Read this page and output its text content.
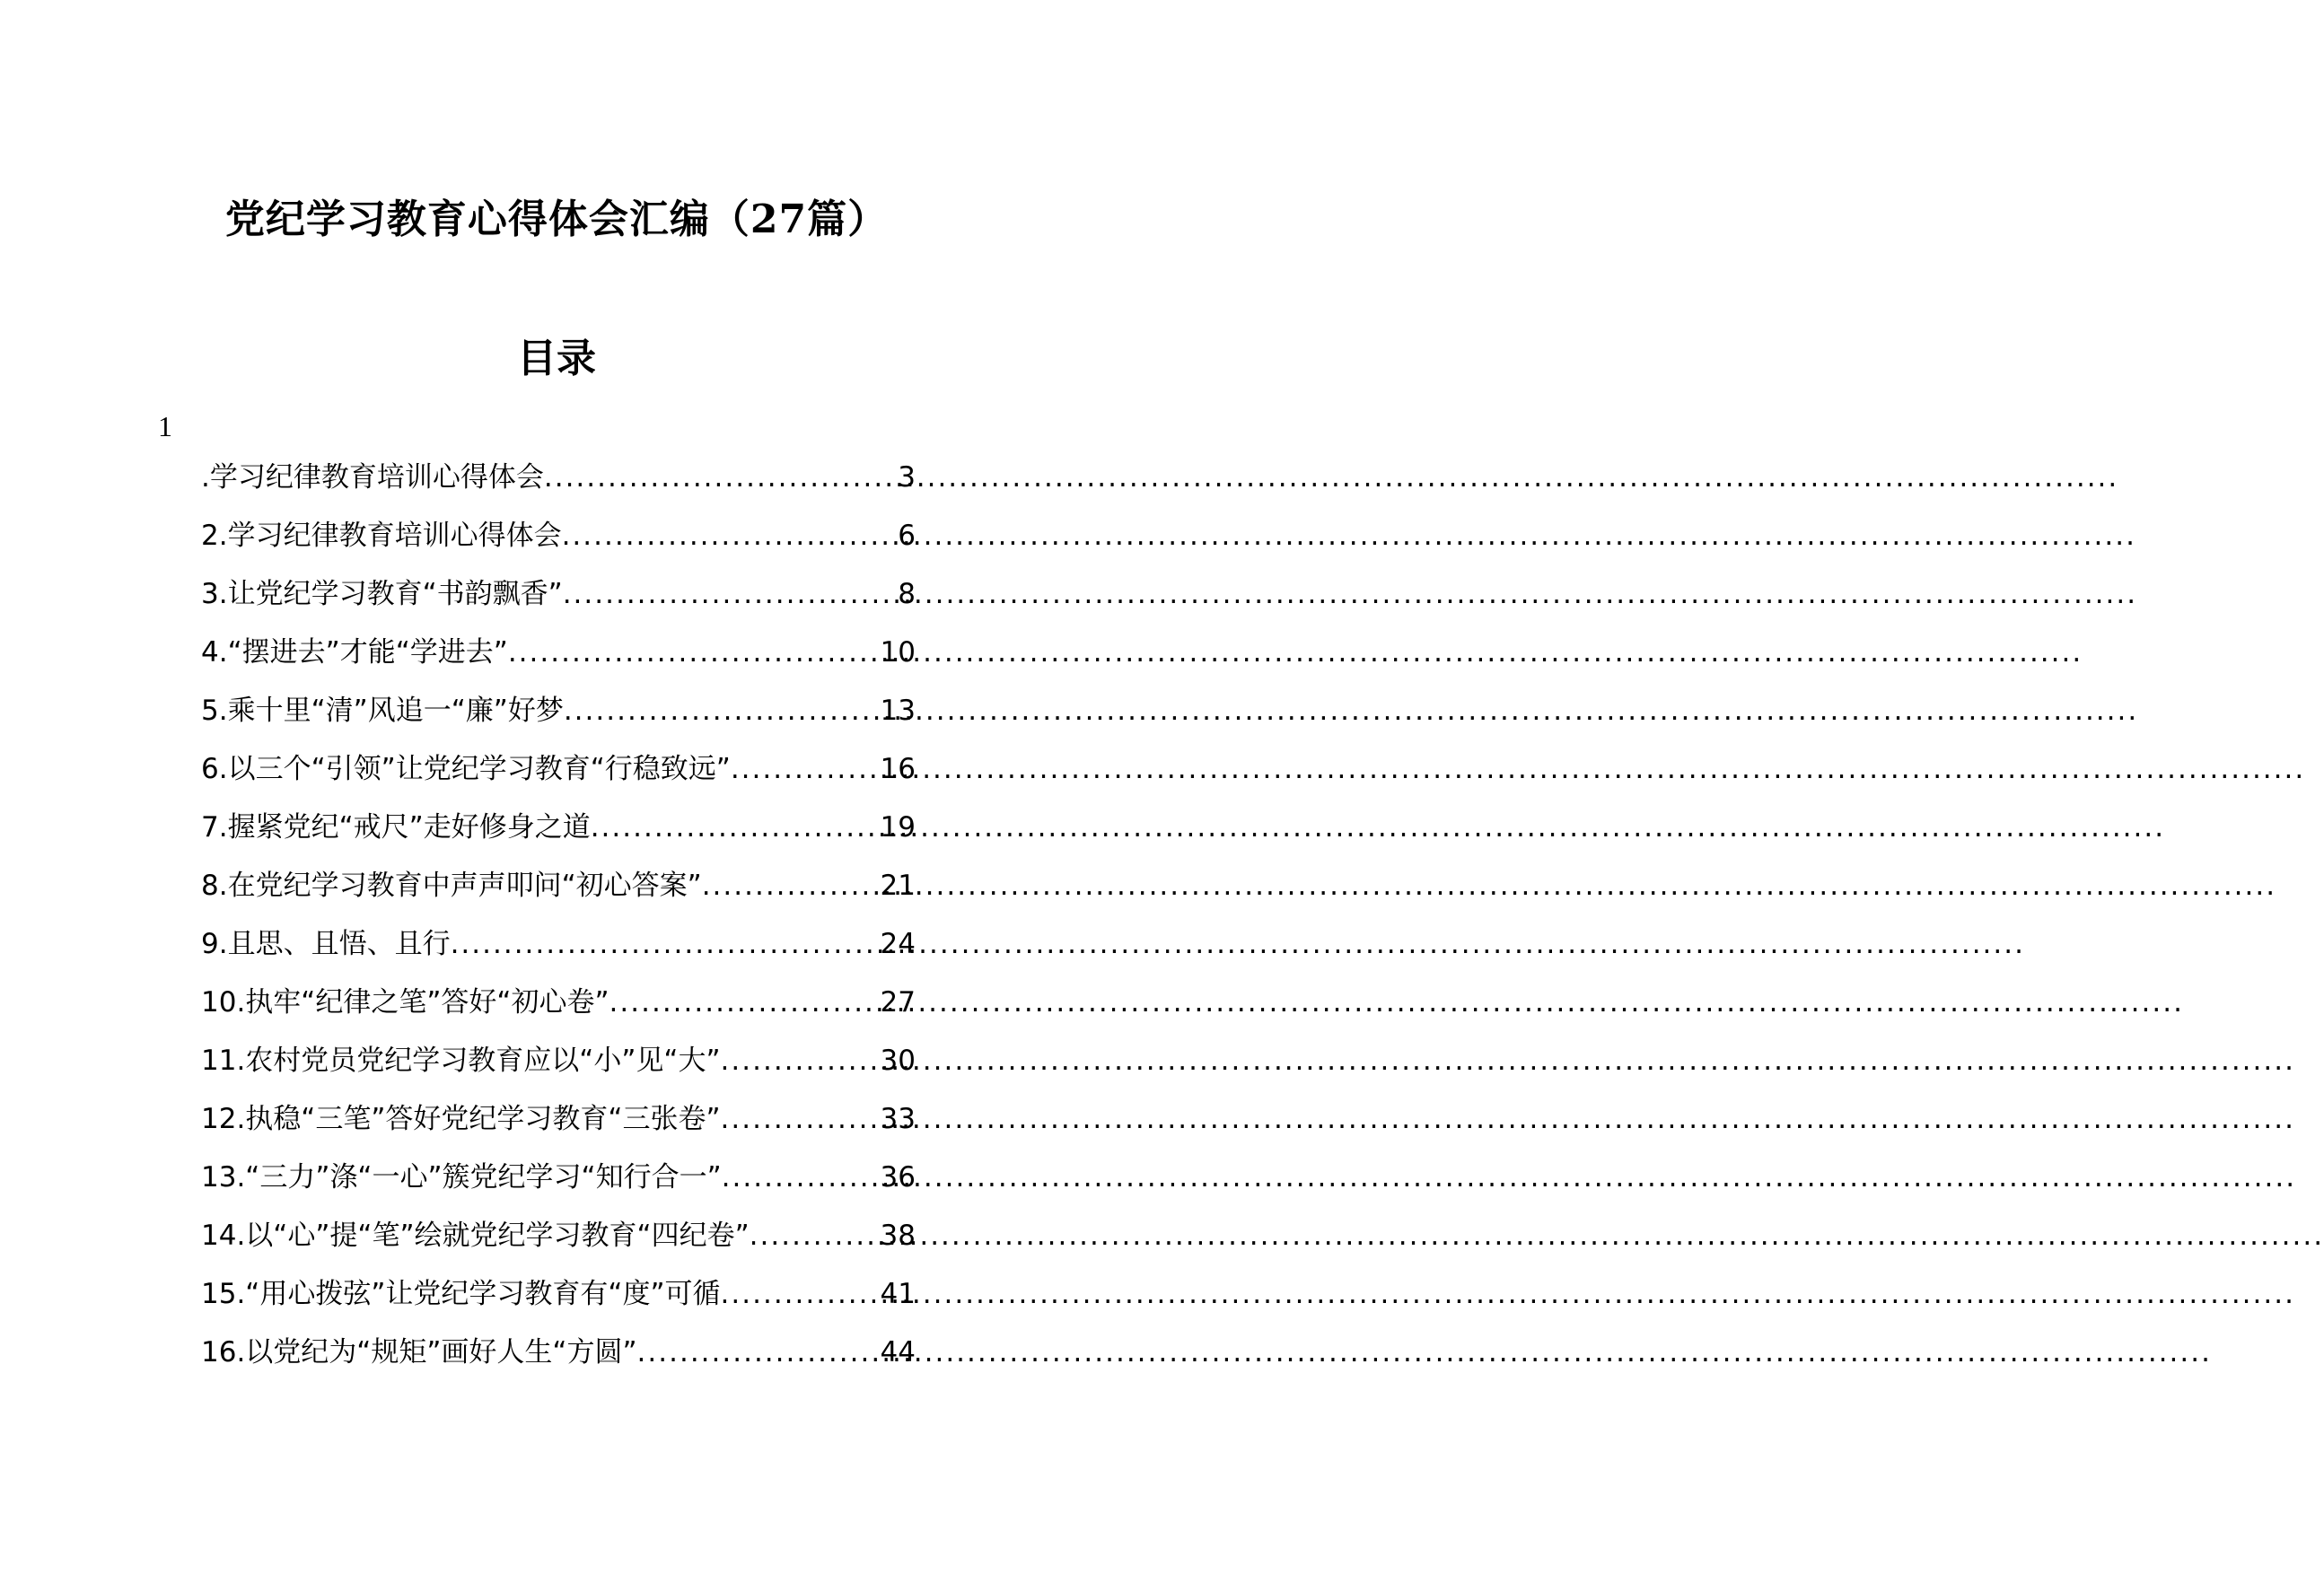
党纪学习教育心得体会汇编（27篇）
目录
1
.学习纪律教育培训心得体会 .....	3
2.学习纪律教育培训心得体会 .....	6
3.让党纪学习教育“书韵飘香” .....	8
4.“摆进去”才能“学进去” .....	10
5.乘十里“清”风追一“廉”好梦 .....	13
6.以三个“引领”让党纪学习教育“行稳致远” .....	16
7.握紧党纪“戒尺”走好修身之道 .....	19
8.在党纪学习教育中声声叩问“初心答案” .....	21
9.且思、且悟、且行 .....	24
10.执牢“纪律之笔”答好“初心卷” .....	27
11.农村党员党纪学习教育应以“小”见“大” .....	30
12.执稳“三笔”答好党纪学习教育“三张卷” .....	33
13.“三力”涤“一心”簇党纪学习“知行合一” .....	36
14.以“心”提“笔”绘就党纪学习教育“四纪卷” .....	38
15.“用心拨弦”让党纪学习教育有“度”可循 .....	41
16.以党纪为“规矩”画好人生“方圆” .....	44
